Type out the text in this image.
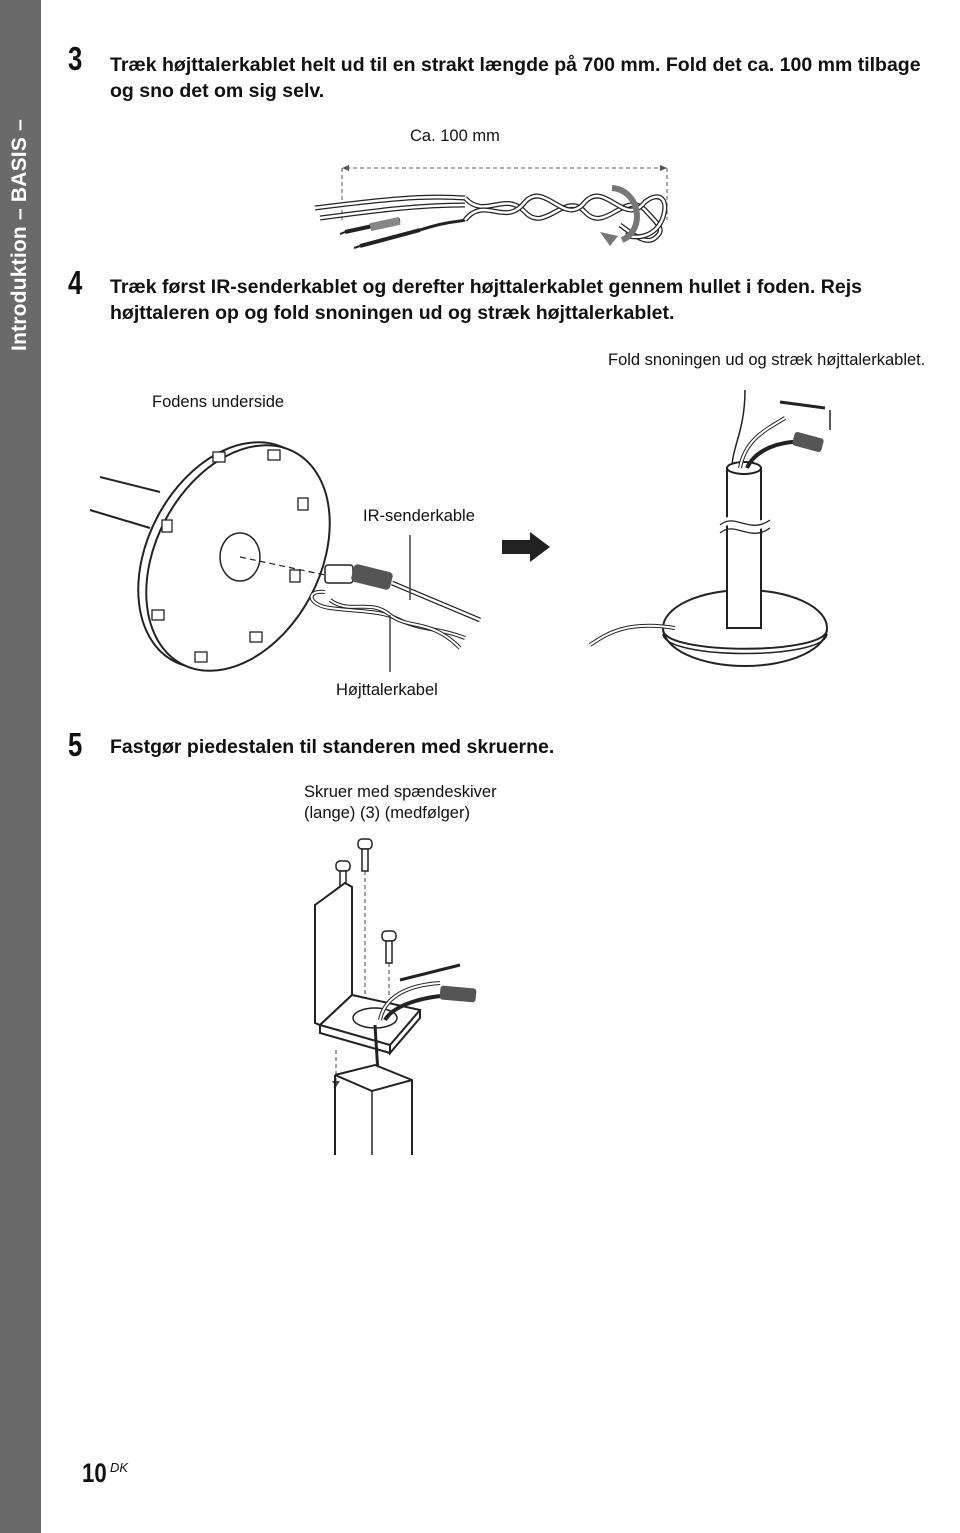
Introduktion – BASIS –
3 Træk højttalerkablet helt ud til en strakt længde på 700 mm. Fold det ca. 100 mm tilbage
og sno det om sig selv.
Ca. 100 mm
4 Træk først IR-senderkablet og derefter højttalerkablet gennem hullet i foden. Rejs
højttaleren op og fold snoningen ud og stræk højttalerkablet.
Fold snoningen ud og stræk højttalerkablet.
Fodens underside
IR-senderkable
Højttalerkabel
5 Fastgør piedestalen til standeren med skruerne.
Skruer med spændeskiver
(lange) (3) (medfølger)
10 DK
